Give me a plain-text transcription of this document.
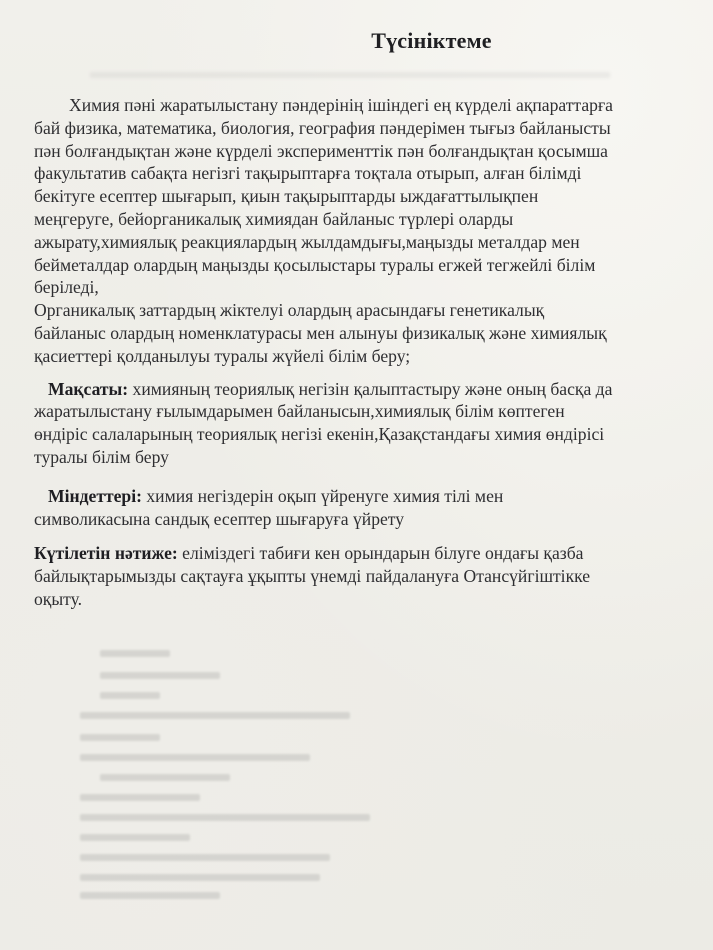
Түсініктеме
Химия пәні жаратылыстану пәндерінің ішіндегі ең күрделі ақпараттарға
бай физика, математика, биология, география пәндерімен тығыз байланысты
пән болғандықтан және күрделі эксперименттік пән болғандықтан қосымша
факультатив сабақта негізгі тақырыптарға тоқтала отырып, алған білімді
бекітуге есептер шығарып, қиын тақырыптарды ыждағаттылықпен
меңгеруге, бейорганикалық химиядан байланыс түрлері оларды
ажырату,химиялық реакциялардың жылдамдығы,маңызды металдар мен
бейметалдар олардың маңызды қосылыстары туралы егжей тегжейлі білім
беріледі,
Органикалық заттардың жіктелуі олардың арасындағы генетикалық
байланыс олардың номенклатурасы мен алынуы физикалық және химиялық
қасиеттері қолданылуы туралы жүйелі білім беру;
Мақсаты: химияның теориялық негізін қалыптастыру және оның басқа да
жаратылыстану ғылымдарымен байланысын,химиялық білім көптеген
өндіріс салаларының теориялық негізі екенін,Қазақстандағы химия өндірісі
туралы білім беру
Міндеттері: химия негіздерін оқып үйренуге химия тілі мен
символикасына сандық есептер шығаруға үйрету
Күтілетін нәтиже: еліміздегі табиғи кен орындарын білуге ондағы қазба
байлықтарымызды сақтауға ұқыпты үнемді пайдалануға Отансүйгіштікке
оқыту.
